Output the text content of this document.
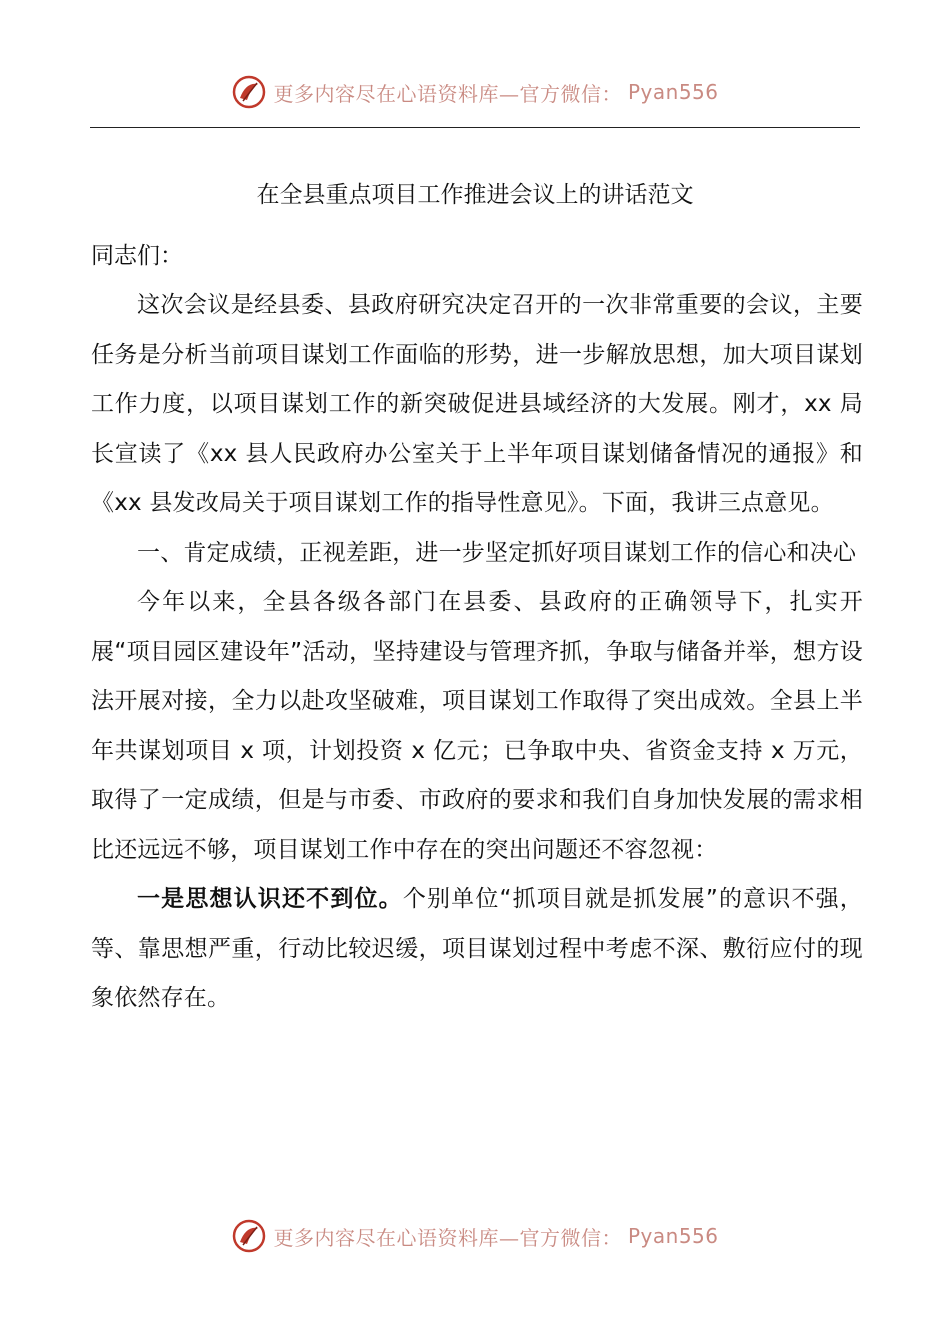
更多内容尽在心语资料库—官方微信： Pyan556
在全县重点项目工作推进会议上的讲话范文
同志们：

这次会议是经县委、县政府研究决定召开的一次非常重要的会议，主要任务是分析当前项目谋划工作面临的形势，进一步解放思想，加大项目谋划工作力度，以项目谋划工作的新突破促进县域经济的大发展。刚才，xx 局长宣读了《xx 县人民政府办公室关于上半年项目谋划储备情况的通报》和《xx 县发改局关于项目谋划工作的指导性意见》。下面，我讲三点意见。

一、肯定成绩，正视差距，进一步坚定抓好项目谋划工作的信心和决心

今年以来，全县各级各部门在县委、县政府的正确领导下，扎实开展“项目园区建设年”活动，坚持建设与管理齐抓，争取与储备并举，想方设法开展对接，全力以赴攻坚破难，项目谋划工作取得了突出成效。全县上半年共谋划项目 x 项，计划投资 x 亿元；已争取中央、省资金支持 x 万元，取得了一定成绩，但是与市委、市政府的要求和我们自身加快发展的需求相比还远远不够，项目谋划工作中存在的突出问题还不容忽视：

一是思想认识还不到位。个别单位“抓项目就是抓发展”的意识不强，等、靠思想严重，行动比较迟缓，项目谋划过程中考虑不深、敷衍应付的现象依然存在。

更多内容尽在心语资料库—官方微信： Pyan556
